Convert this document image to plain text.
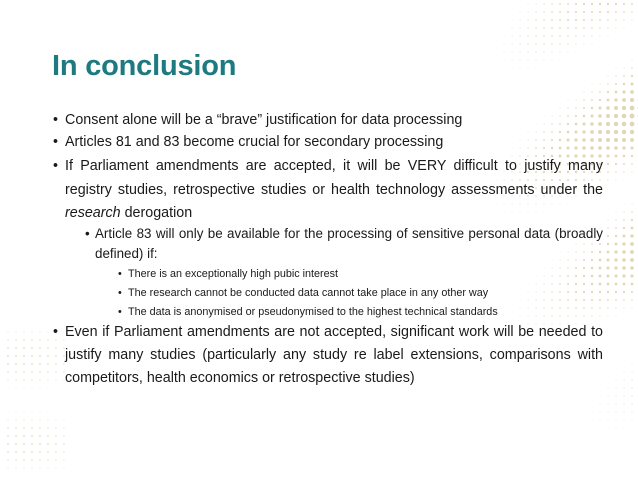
In conclusion
• Consent alone will be a “brave” justification for data processing
• Articles 81 and 83 become crucial for secondary processing
• If Parliament amendments are accepted, it will be VERY difficult to justify many registry studies, retrospective studies or health technology assessments under the research derogation
• Article 83 will only be available for the processing of sensitive personal data (broadly defined) if:
• There is an exceptionally high pubic interest
• The research cannot be conducted data cannot take place in any other way
• The data is anonymised or pseudonymised to the highest technical standards
• Even if Parliament amendments are not accepted, significant work will be needed to justify many studies (particularly any study re label extensions, comparisons with competitors, health economics or retrospective studies)
